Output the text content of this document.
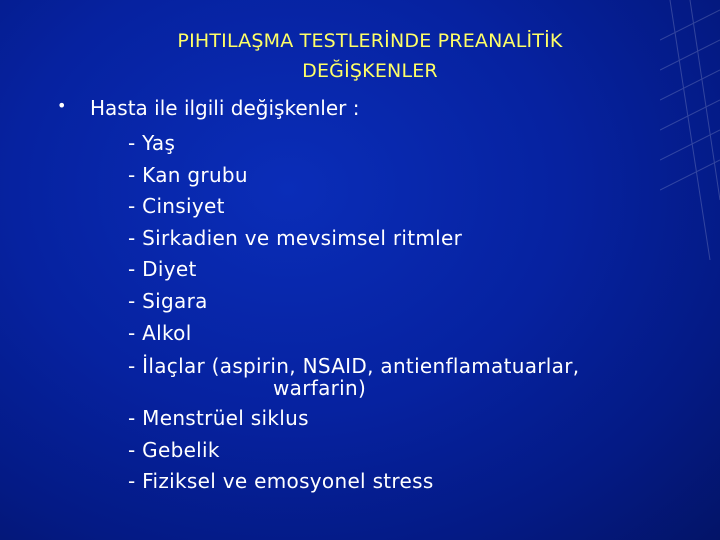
PIHTILAŞMA TESTLERİNDE PREANALİTİK
DEĞİŞKENLER
• Hasta ile ilgili değişkenler :
- Yaş
- Kan grubu
- Cinsiyet
- Sirkadien ve mevsimsel ritmler
- Diyet
- Sigara
- Alkol
- İlaçlar (aspirin, NSAID, antienflamatuarlar,
warfarin)
- Menstrüel siklus
- Gebelik
- Fiziksel ve emosyonel stress
